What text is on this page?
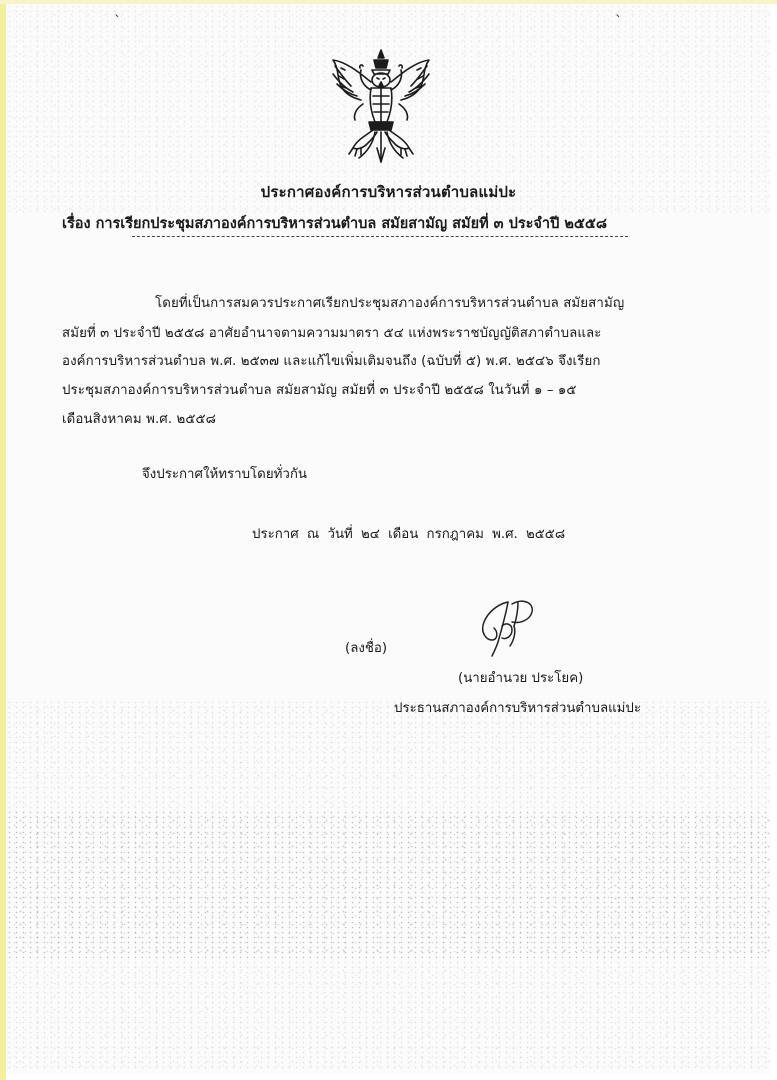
ˋ	ˋ
ประกาศองค์การบริหารส่วนตำบลแม่ปะ
เรื่อง การเรียกประชุมสภาองค์การบริหารส่วนตำบล สมัยสามัญ สมัยที่ ๓ ประจำปี ๒๕๕๘
โดยที่เป็นการสมควรประกาศเรียกประชุมสภาองค์การบริหารส่วนตำบล สมัยสามัญ
สมัยที่ ๓ ประจำปี ๒๕๕๘ อาศัยอำนาจตามความมาตรา ๕๔ แห่งพระราชบัญญัติสภาตำบลและ
องค์การบริหารส่วนตำบล พ.ศ. ๒๕๓๗ และแก้ไขเพิ่มเติมจนถึง (ฉบับที่ ๕) พ.ศ. ๒๕๔๖ จึงเรียก
ประชุมสภาองค์การบริหารส่วนตำบล สมัยสามัญ สมัยที่ ๓ ประจำปี ๒๕๕๘ ในวันที่ ๑ – ๑๕
เดือนสิงหาคม พ.ศ. ๒๕๕๘
จึงประกาศให้ทราบโดยทั่วกัน
ประกาศ ณ วันที่ ๒๔ เดือน กรกฎาคม พ.ศ. ๒๕๕๘
(ลงชื่อ)
(นายอำนวย ประโยค)
ประธานสภาองค์การบริหารส่วนตำบลแม่ปะ
